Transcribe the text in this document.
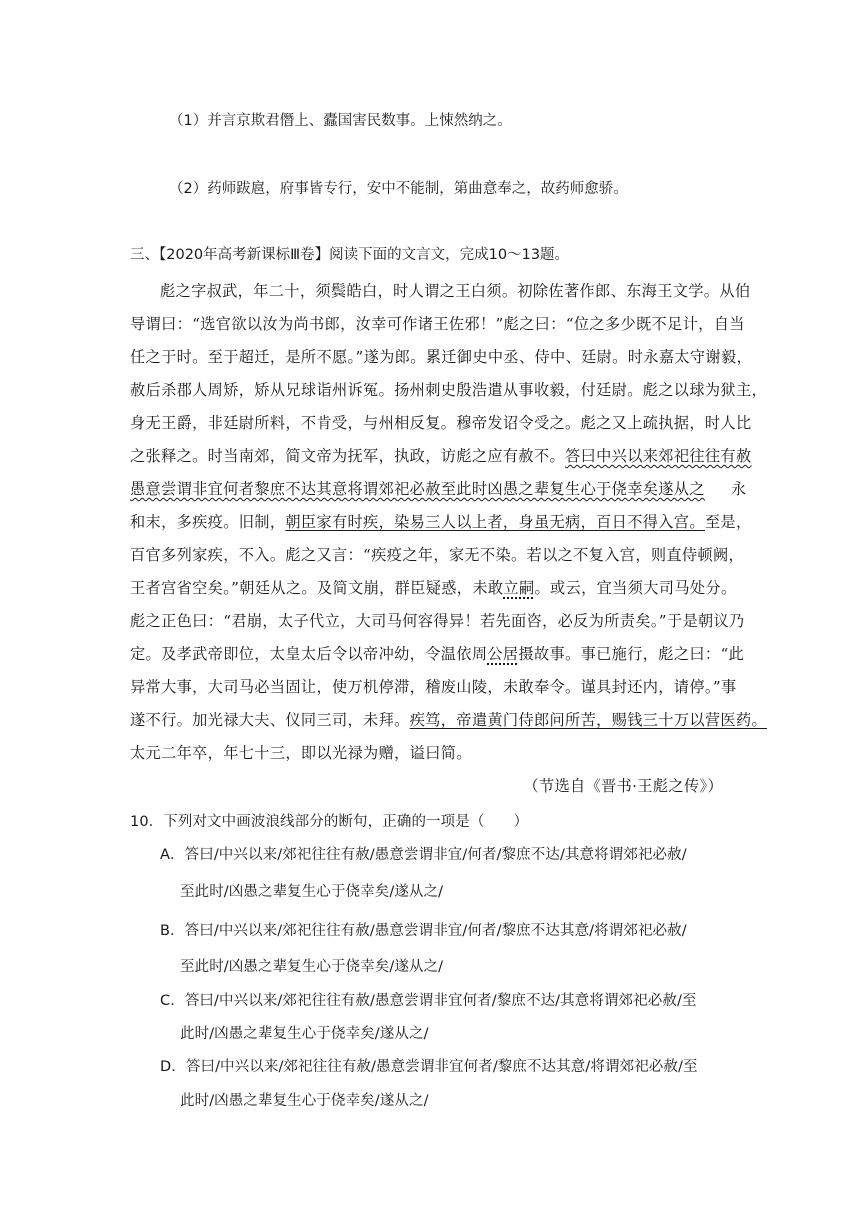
（1）并言京欺君僭上、蠹国害民数事。上悚然纳之。
（2）药师跋扈，府事皆专行，安中不能制，第曲意奉之，故药师愈骄。
三、【2020年高考新课标Ⅲ卷】阅读下面的文言文，完成10～13题。
彪之字叔武，年二十，须鬓皓白，时人谓之王白须。初除佐著作郎、东海王文学。从伯
导谓曰：“选官欲以汝为尚书郎，汝幸可作诸王佐邪！”彪之曰：“位之多少既不足计，自当
任之于时。至于超迁，是所不愿。”遂为郎。累迁御史中丞、侍中、廷尉。时永嘉太守谢毅，
赦后杀郡人周矫，矫从兄球诣州诉冤。扬州刺史殷浩遣从事收毅，付廷尉。彪之以球为狱主，
身无王爵，非廷尉所料，不肯受，与州相反复。穆帝发诏令受之。彪之又上疏执据，时人比
之张释之。时当南郊，简文帝为抚军，执政，访彪之应有赦不。答曰中兴以来郊祀往往有赦
愚意尝谓非宜何者黎庶不达其意将谓郊祀必赦至此时凶愚之辈复生心于侥幸矣遂从之 永
和末，多疾疫。旧制，朝臣家有时疾，染易三人以上者，身虽无病，百日不得入宫。至是，
百官多列家疾，不入。彪之又言：“疾疫之年，家无不染。若以之不复入宫，则直侍顿阙，
王者宫省空矣。”朝廷从之。及简文崩，群臣疑惑，未敢立嗣。或云，宜当须大司马处分。
彪之正色曰：“君崩，太子代立，大司马何容得异！若先面咨，必反为所责矣。”于是朝议乃
定。及孝武帝即位，太皇太后令以帝冲幼，令温依周公居摄故事。事已施行，彪之曰：“此
异常大事，大司马必当固让，使万机停滞，稽废山陵，未敢奉令。谨具封还内，请停。”事
遂不行。加光禄大夫、仪同三司，未拜。疾笃，帝遣黄门侍郎问所苦，赐钱三十万以营医药。
太元二年卒，年七十三，即以光禄为赠，谥曰简。
（节选自《晋书·王彪之传》）
10．下列对文中画波浪线部分的断句，正确的一项是（　　）
A．答曰/中兴以来/郊祀往往有赦/愚意尝谓非宜/何者/黎庶不达/其意将谓郊祀必赦/
至此时/凶愚之辈复生心于侥幸矣/遂从之/
B．答曰/中兴以来/郊祀往往有赦/愚意尝谓非宜/何者/黎庶不达其意/将谓郊祀必赦/
至此时/凶愚之辈复生心于侥幸矣/遂从之/
C．答曰/中兴以来/郊祀往往有赦/愚意尝谓非宜何者/黎庶不达/其意将谓郊祀必赦/至
此时/凶愚之辈复生心于侥幸矣/遂从之/
D．答曰/中兴以来/郊祀往往有赦/愚意尝谓非宜何者/黎庶不达其意/将谓郊祀必赦/至
此时/凶愚之辈复生心于侥幸矣/遂从之/
